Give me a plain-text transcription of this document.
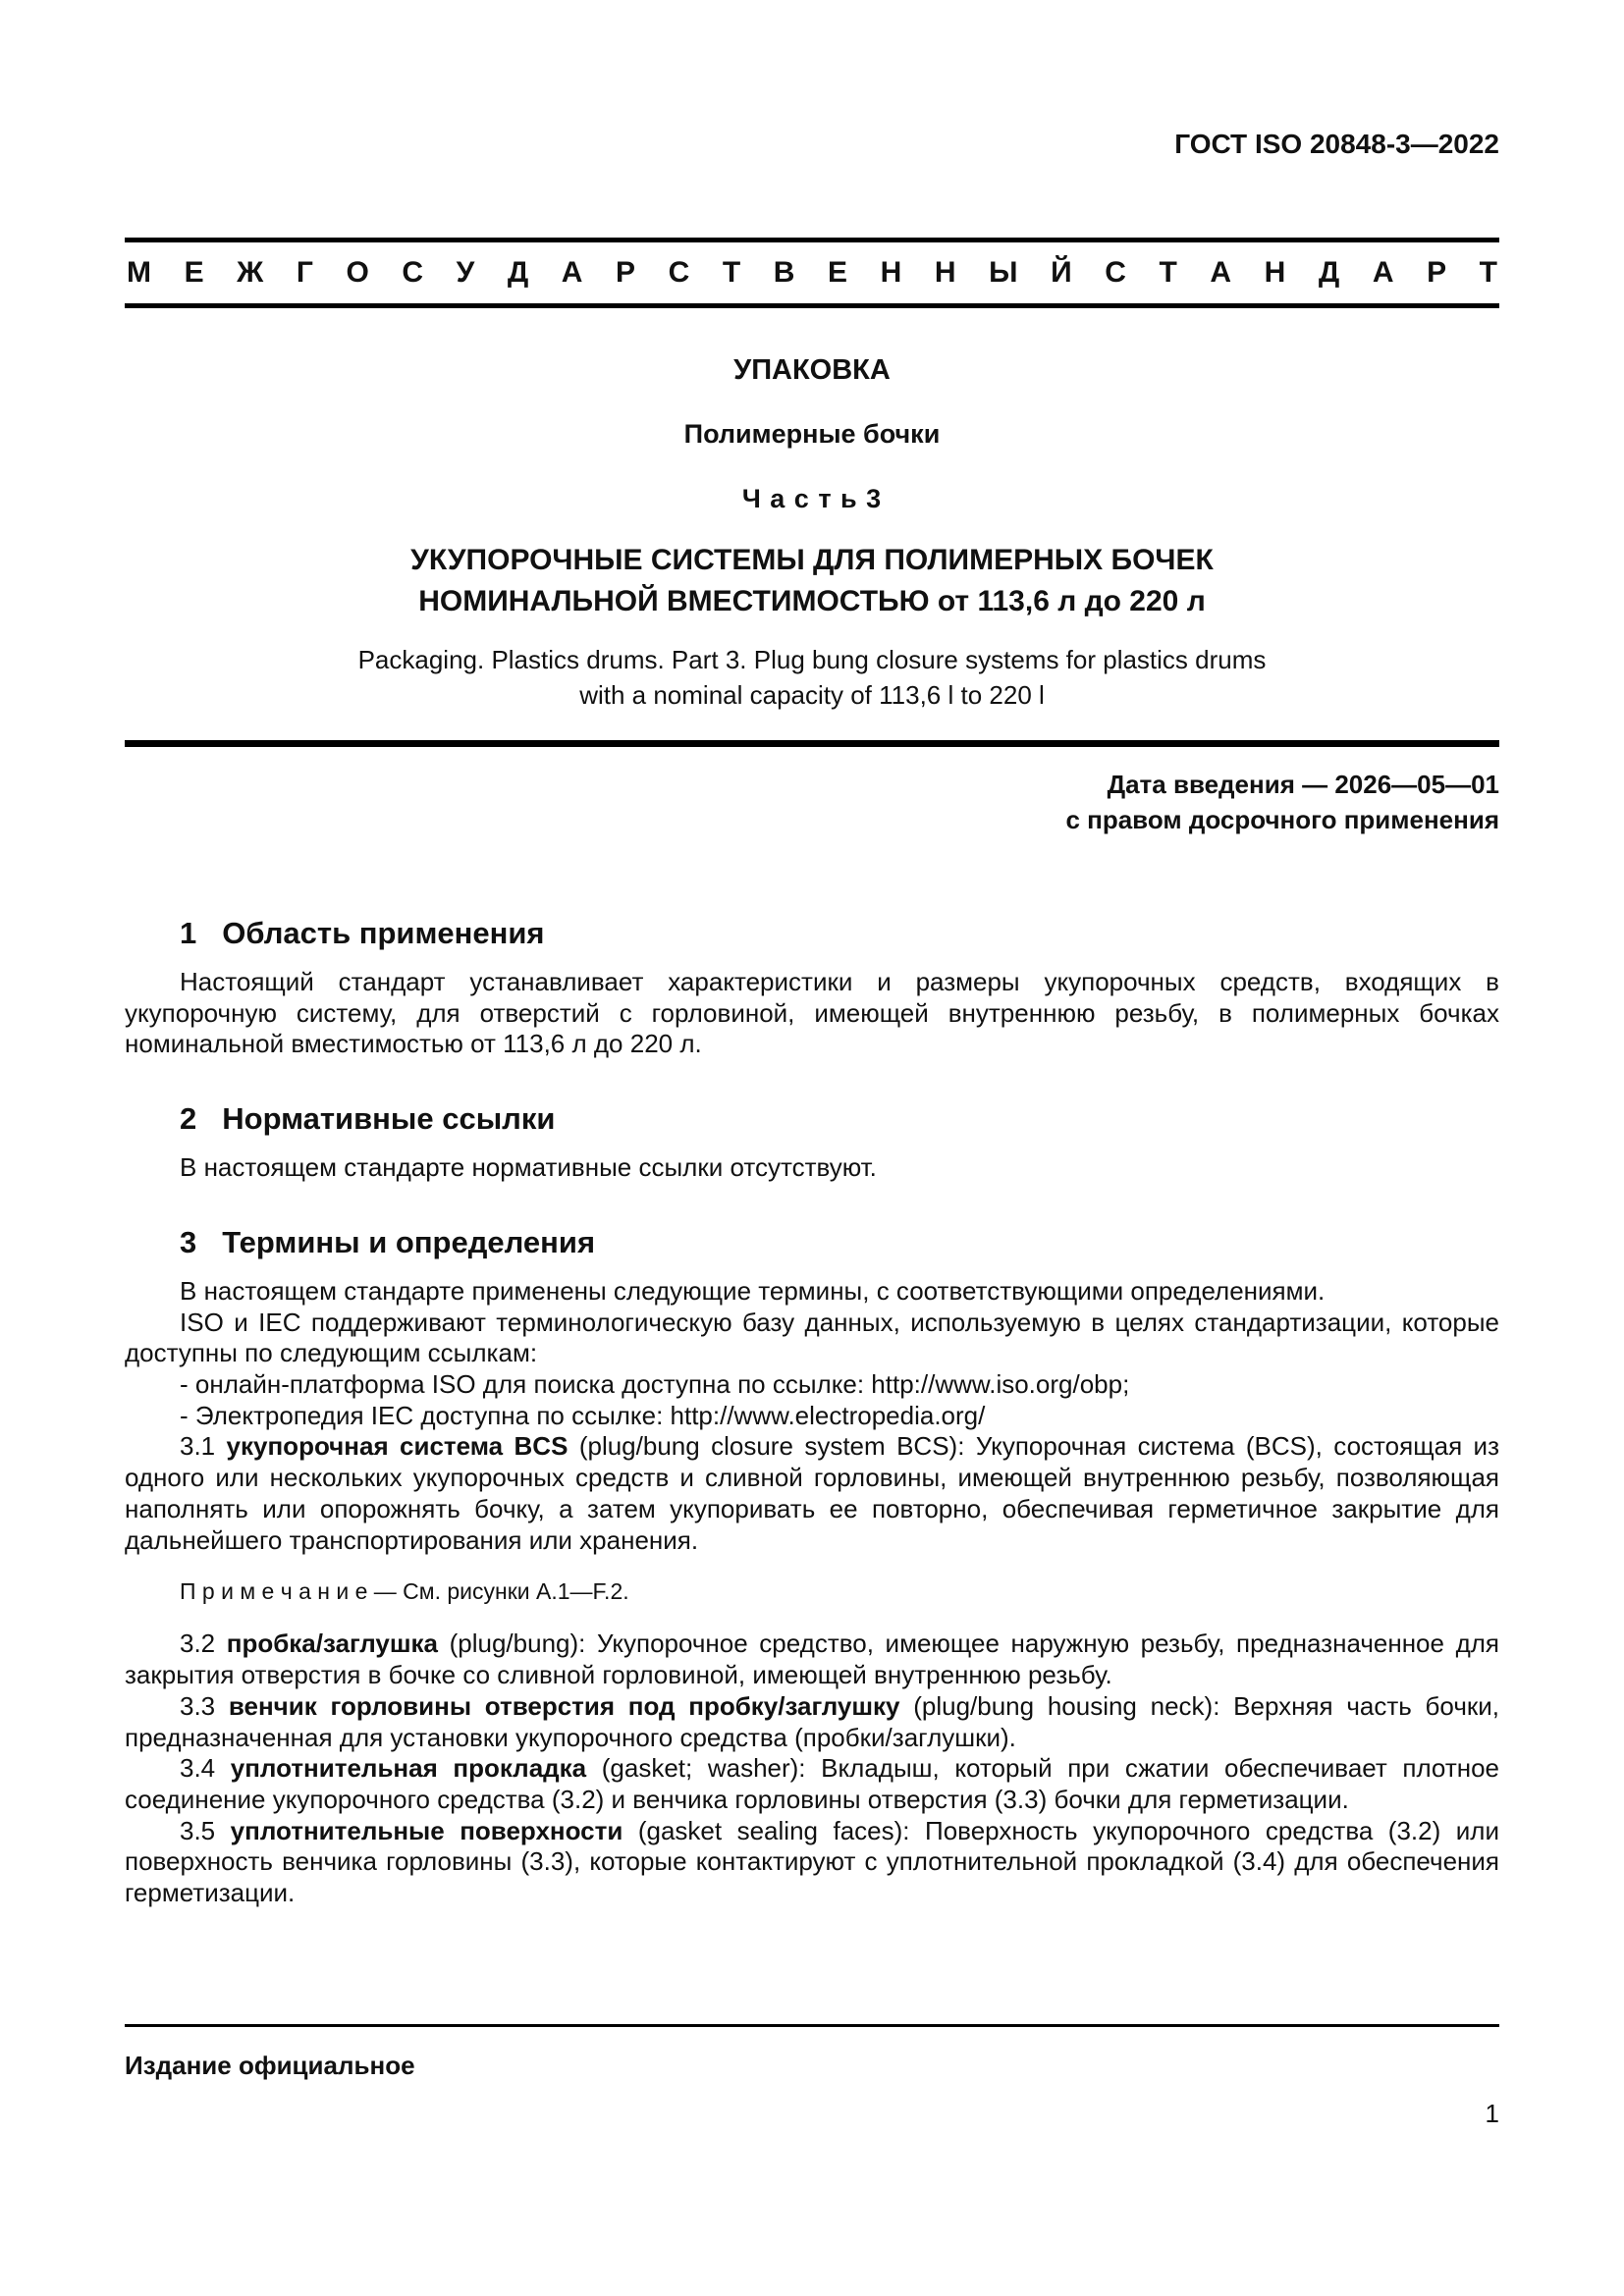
ГОСТ ISO 20848-3—2022
М Е Ж Г О С У Д А Р С Т В Е Н Н Ы Й С Т А Н Д А Р Т
УПАКОВКА
Полимерные бочки
Ч а с т ь 3
УКУПОРОЧНЫЕ СИСТЕМЫ ДЛЯ ПОЛИМЕРНЫХ БОЧЕК
НОМИНАЛЬНОЙ ВМЕСТИМОСТЬЮ от 113,6 л до 220 л
Packaging. Plastics drums. Part 3. Plug bung closure systems for plastics drums
with a nominal capacity of 113,6 l to 220 l
Дата введения — 2026—05—01
с правом досрочного применения
1 Область применения

Настоящий стандарт устанавливает характеристики и размеры укупорочных средств, входящих в укупорочную систему, для отверстий с горловиной, имеющей внутреннюю резьбу, в полимерных бочках номинальной вместимостью от 113,6 л до 220 л.

2 Нормативные ссылки

В настоящем стандарте нормативные ссылки отсутствуют.

3 Термины и определения

В настоящем стандарте применены следующие термины, с соответствующими определениями.

ISO и IEC поддерживают терминологическую базу данных, используемую в целях стандартизации, которые доступны по следующим ссылкам:

- онлайн-платформа ISO для поиска доступна по ссылке: http://www.iso.org/obp;

- Электропедия IEC доступна по ссылке: http://www.electropedia.org/

3.1 укупорочная система BCS (plug/bung closure system BCS): Укупорочная система (BCS), состоящая из одного или нескольких укупорочных средств и сливной горловины, имеющей внутреннюю резьбу, позволяющая наполнять или опорожнять бочку, а затем укупоривать ее повторно, обеспечивая герметичное закрытие для дальнейшего транспортирования или хранения.

П р и м е ч а н и е — См. рисунки A.1—F.2.

3.2 пробка/заглушка (plug/bung): Укупорочное средство, имеющее наружную резьбу, предназначенное для закрытия отверстия в бочке со сливной горловиной, имеющей внутреннюю резьбу.

3.3 венчик горловины отверстия под пробку/заглушку (plug/bung housing neck): Верхняя часть бочки, предназначенная для установки укупорочного средства (пробки/заглушки).

3.4 уплотнительная прокладка (gasket; washer): Вкладыш, который при сжатии обеспечивает плотное соединение укупорочного средства (3.2) и венчика горловины отверстия (3.3) бочки для герметизации.

3.5 уплотнительные поверхности (gasket sealing faces): Поверхность укупорочного средства (3.2) или поверхность венчика горловины (3.3), которые контактируют с уплотнительной прокладкой (3.4) для обеспечения герметизации.

Издание официальное
1
